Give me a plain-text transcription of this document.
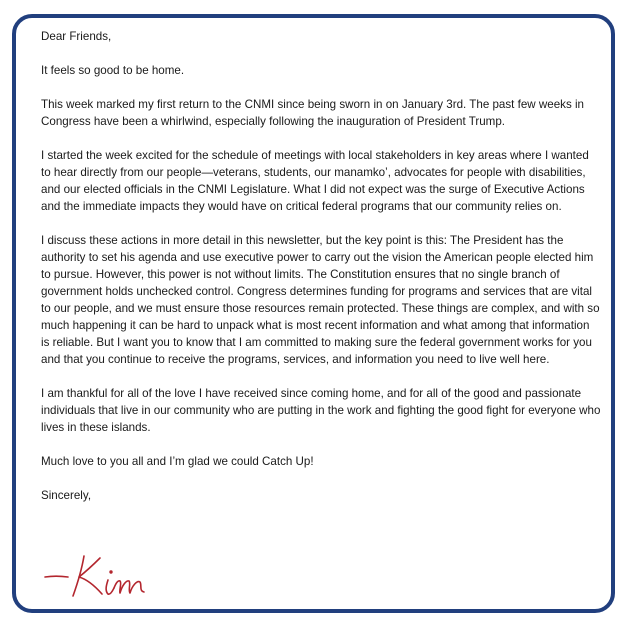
Dear Friends,

It feels so good to be home.

This week marked my first return to the CNMI since being sworn in on January 3rd. The past few weeks in Congress have been a whirlwind, especially following the inauguration of President Trump.

I started the week excited for the schedule of meetings with local stakeholders in key areas where I wanted to hear directly from our people—veterans, students, our manamko’, advocates for people with disabilities, and our elected officials in the CNMI Legislature. What I did not expect was the surge of Executive Actions and the immediate impacts they would have on critical federal programs that our community relies on.

I discuss these actions in more detail in this newsletter, but the key point is this: The President has the authority to set his agenda and use executive power to carry out the vision the American people elected him to pursue. However, this power is not without limits. The Constitution ensures that no single branch of government holds unchecked control. Congress determines funding for programs and services that are vital to our people, and we must ensure those resources remain protected. These things are complex, and with so much happening it can be hard to unpack what is most recent information and what among that information is reliable. But I want you to know that I am committed to making sure the federal government works for you and that you continue to receive the programs, services, and information you need to live well here.

I am thankful for all of the love I have received since coming home, and for all of the good and passionate individuals that live in our community who are putting in the work and fighting the good fight for everyone who lives in these islands.

Much love to you all and I’m glad we could Catch Up!

Sincerely,
